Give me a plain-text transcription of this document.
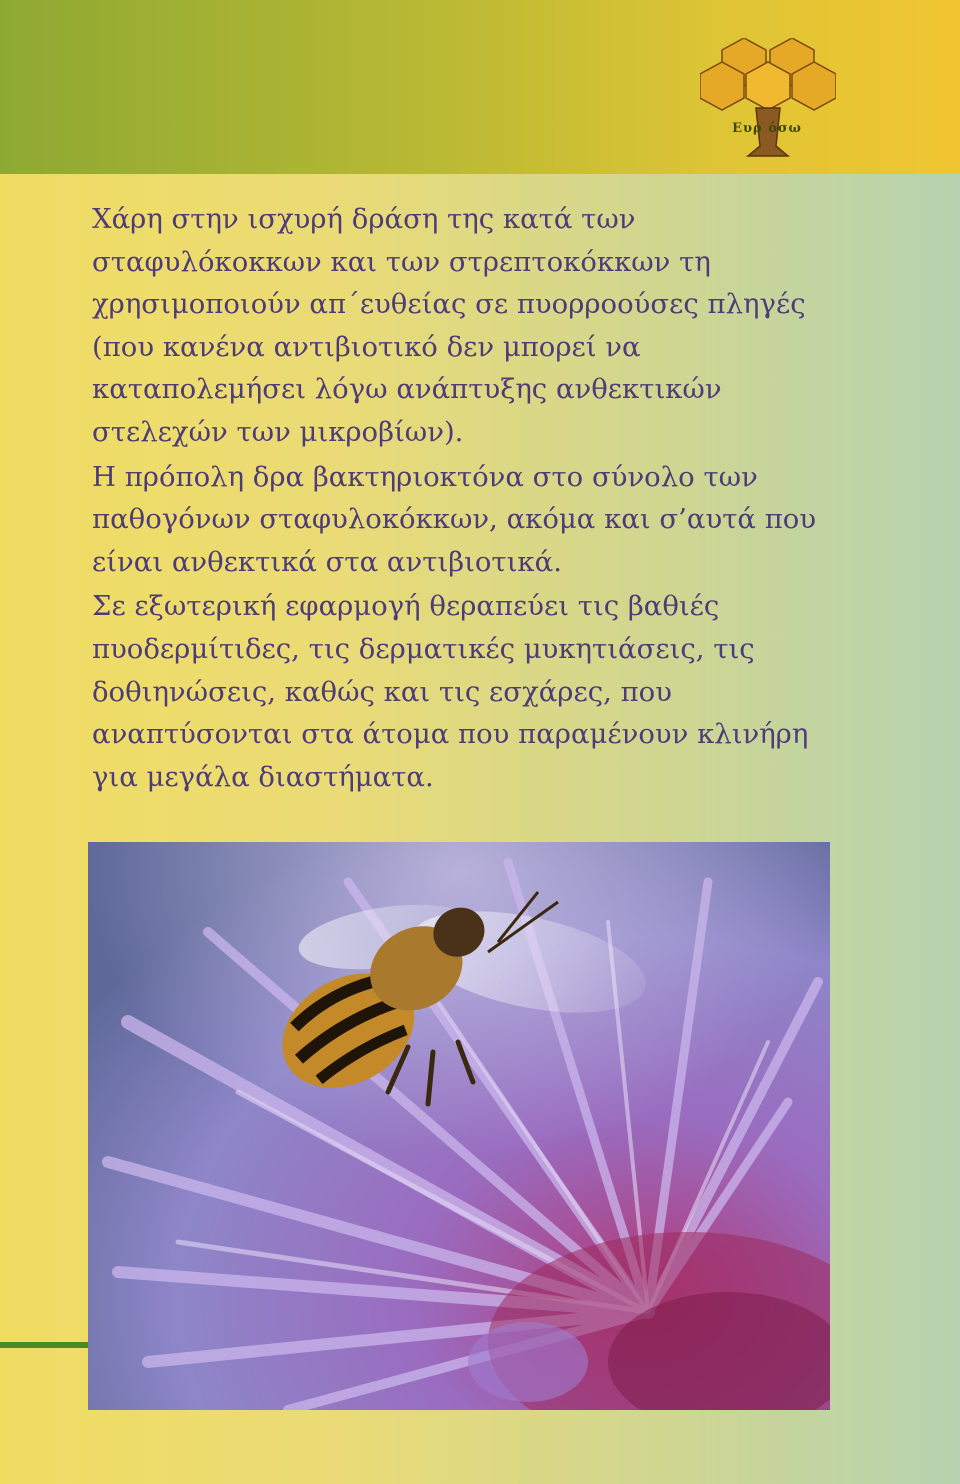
Ευρ όσω

Χάρη στην ισχυρή δράση της κατά των σταφυλόκοκκων και των στρεπτοκόκκων τη χρησιμοποιούν απ΄ευθείας σε πυορροούσες πληγές (που κανένα αντιβιοτικό δεν μπορεί να καταπολεμήσει λόγω ανάπτυξης ανθεκτικών στελεχών των μικροβίων).

Η πρόπολη δρα βακτηριοκτόνα στο σύνολο των παθογόνων σταφυλοκόκκων, ακόμα και σ’αυτά που είναι ανθεκτικά στα αντιβιοτικά.

Σε εξωτερική εφαρμογή θεραπεύει τις βαθιές πυοδερμίτιδες, τις δερματικές μυκητιάσεις, τις δοθιηνώσεις, καθώς και τις εσχάρες, που αναπτύσονται στα άτομα που παραμένουν κλινήρη για μεγάλα διαστήματα.
